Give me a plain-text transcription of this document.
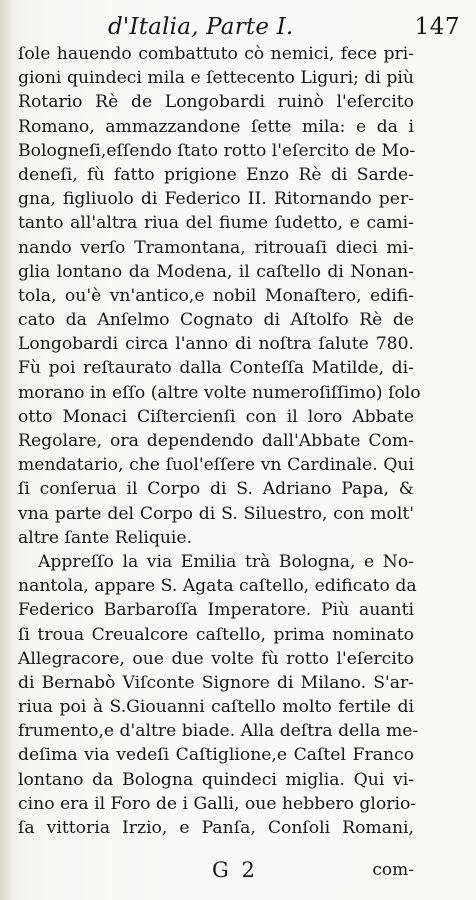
d'Italia, Parte I.	147
ſole hauendo combattuto cò nemici, fece pri-
gioni quindeci mila e ſettecento Liguri; di più
Rotario Rè de Longobardi ruinò l'eſercito
Romano, ammazzandone ſette mila: e da i
Bologneſi,eſſendo ſtato rotto l'eſercito de Mo-
deneſi, fù fatto prigione Enzo Rè di Sarde-
gna, figliuolo di Federico II. Ritornando per-
tanto all'altra riua del fiume ſudetto, e cami-
nando verſo Tramontana, ritrouaſi dieci mi-
glia lontano da Modena, il caſtello di Nonan-
tola, ou'è vn'antico,e nobil Monaſtero, edifi-
cato da Anſelmo Cognato di Aſtolfo Rè de
Longobardi circa l'anno di noſtra ſalute 780.
Fù poi reſtaurato dalla Conteſſa Matilde, di-
morano in eſſo (altre volte numeroſiſſimo) ſolo
otto Monaci Ciſtercienſi con il loro Abbate
Regolare, ora dependendo dall'Abbate Com-
mendatario, che ſuol'eſſere vn Cardinale. Qui
ſi conſerua il Corpo di S. Adriano Papa, &
vna parte del Corpo di S. Siluestro, con molt'
altre ſante Reliquie.
Appreſſo la via Emilia trà Bologna, e No-
nantola, appare S. Agata caſtello, edificato da
Federico Barbaroſſa Imperatore. Più auanti
ſi troua Creualcore caſtello, prima nominato
Allegracore, oue due volte fù rotto l'eſercito
di Bernabò Viſconte Signore di Milano. S'ar-
riua poi à S.Giouanni caſtello molto fertile di
frumento,e d'altre biade. Alla deſtra della me-
deſima via vedeſi Caſtiglione,e Caſtel Franco
lontano da Bologna quindeci miglia. Qui vi-
cino era il Foro de i Galli, oue hebbero glorio-
ſa vittoria Irzio, e Panſa, Conſoli Romani,
G 2	com-
